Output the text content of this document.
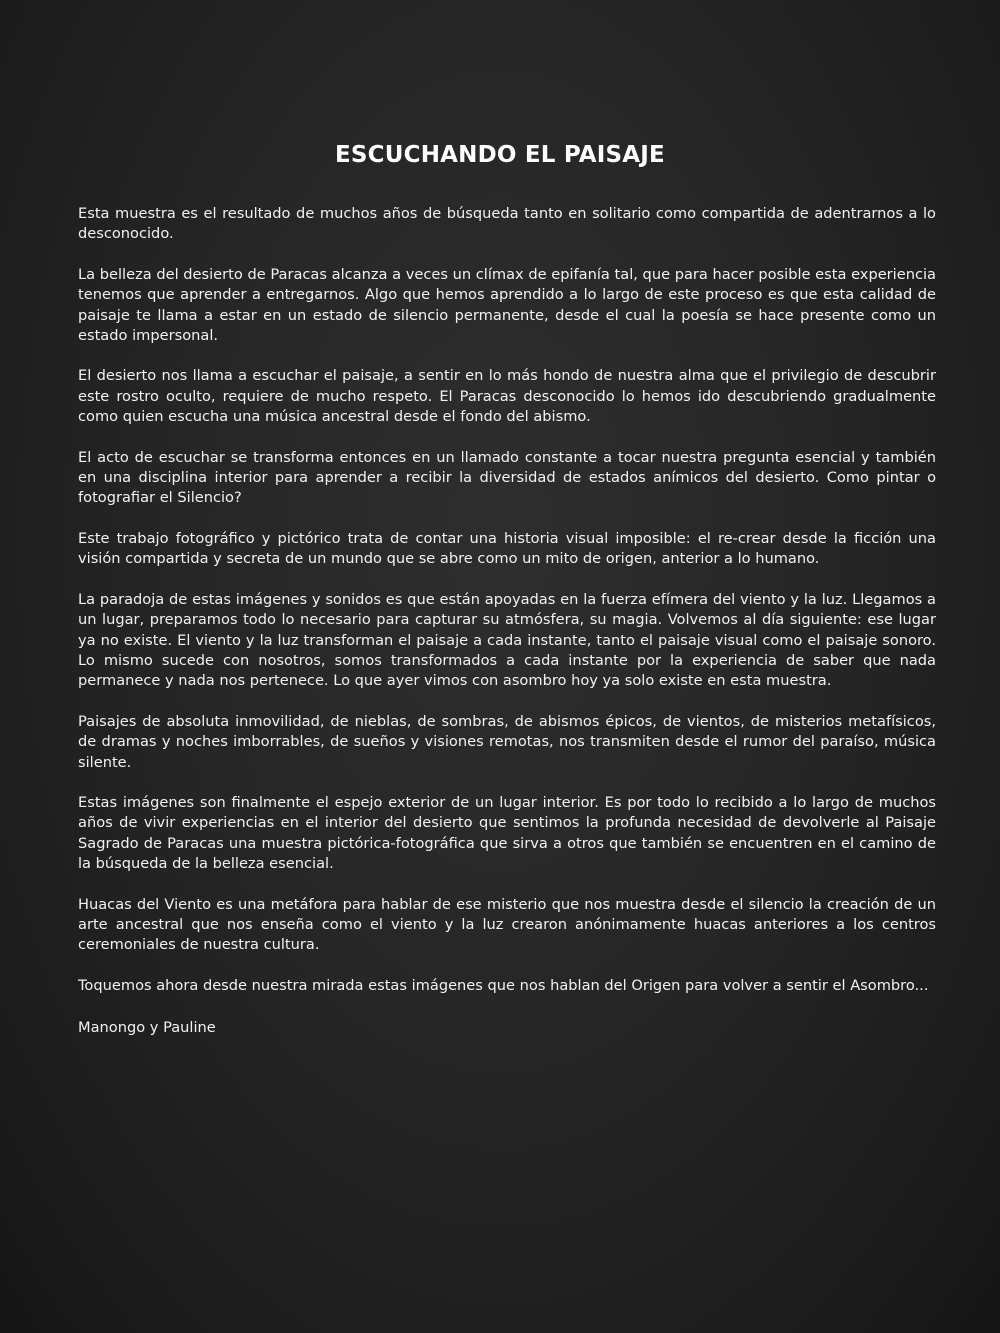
ESCUCHANDO EL PAISAJE

Esta muestra es el resultado de muchos años de búsqueda tanto en solitario como compartida de adentrarnos a lo desconocido.

La belleza del desierto de Paracas alcanza a veces un clímax de epifanía tal, que para hacer posible esta experiencia tenemos que aprender a entregarnos. Algo que hemos aprendido a lo largo de este proceso es que esta calidad de paisaje te llama a estar en un estado de silencio permanente, desde el cual la poesía se hace presente como un estado impersonal.

El desierto nos llama a escuchar el paisaje, a sentir en lo más hondo de nuestra alma que el privilegio de descubrir este rostro oculto, requiere de mucho respeto. El Paracas desconocido lo hemos ido descubriendo gradualmente como quien escucha una música ancestral desde el fondo del abismo.

El acto de escuchar se transforma entonces en un llamado constante a tocar nuestra pregunta esencial y también en una disciplina interior para aprender a recibir la diversidad de estados anímicos del desierto. Como pintar o fotografiar el Silencio?

Este trabajo fotográfico y pictórico trata de contar una historia visual imposible: el re-crear desde la ficción una visión compartida y secreta de un mundo que se abre como un mito de origen, anterior a lo humano.

La paradoja de estas imágenes y sonidos es que están apoyadas en la fuerza efímera del viento y la luz. Llegamos a un lugar, preparamos todo lo necesario para capturar su atmósfera, su magia. Volvemos al día siguiente: ese lugar ya no existe. El viento y la luz transforman el paisaje a cada instante, tanto el paisaje visual como el paisaje sonoro. Lo mismo sucede con nosotros, somos transformados a cada instante por la experiencia de saber que nada permanece y nada nos pertenece. Lo que ayer vimos con asombro hoy ya solo existe en esta muestra.

Paisajes de absoluta inmovilidad, de nieblas, de sombras, de abismos épicos, de vientos, de misterios metafísicos, de dramas y noches imborrables, de sueños y visiones remotas, nos transmiten desde el rumor del paraíso, música silente.

Estas imágenes son finalmente el espejo exterior de un lugar interior. Es por todo lo recibido a lo largo de muchos años de vivir experiencias en el interior del desierto que sentimos la profunda necesidad de devolverle al Paisaje Sagrado de Paracas una muestra pictórica-fotográfica que sirva a otros que también se encuentren en el camino de la búsqueda de la belleza esencial.

Huacas del Viento es una metáfora para hablar de ese misterio que nos muestra desde el silencio la creación de un arte ancestral que nos enseña como el viento y la luz crearon anónimamente huacas anteriores a los centros ceremoniales de nuestra cultura.

Toquemos ahora desde nuestra mirada estas imágenes que nos hablan del Origen para volver a sentir el Asombro...

Manongo y Pauline
